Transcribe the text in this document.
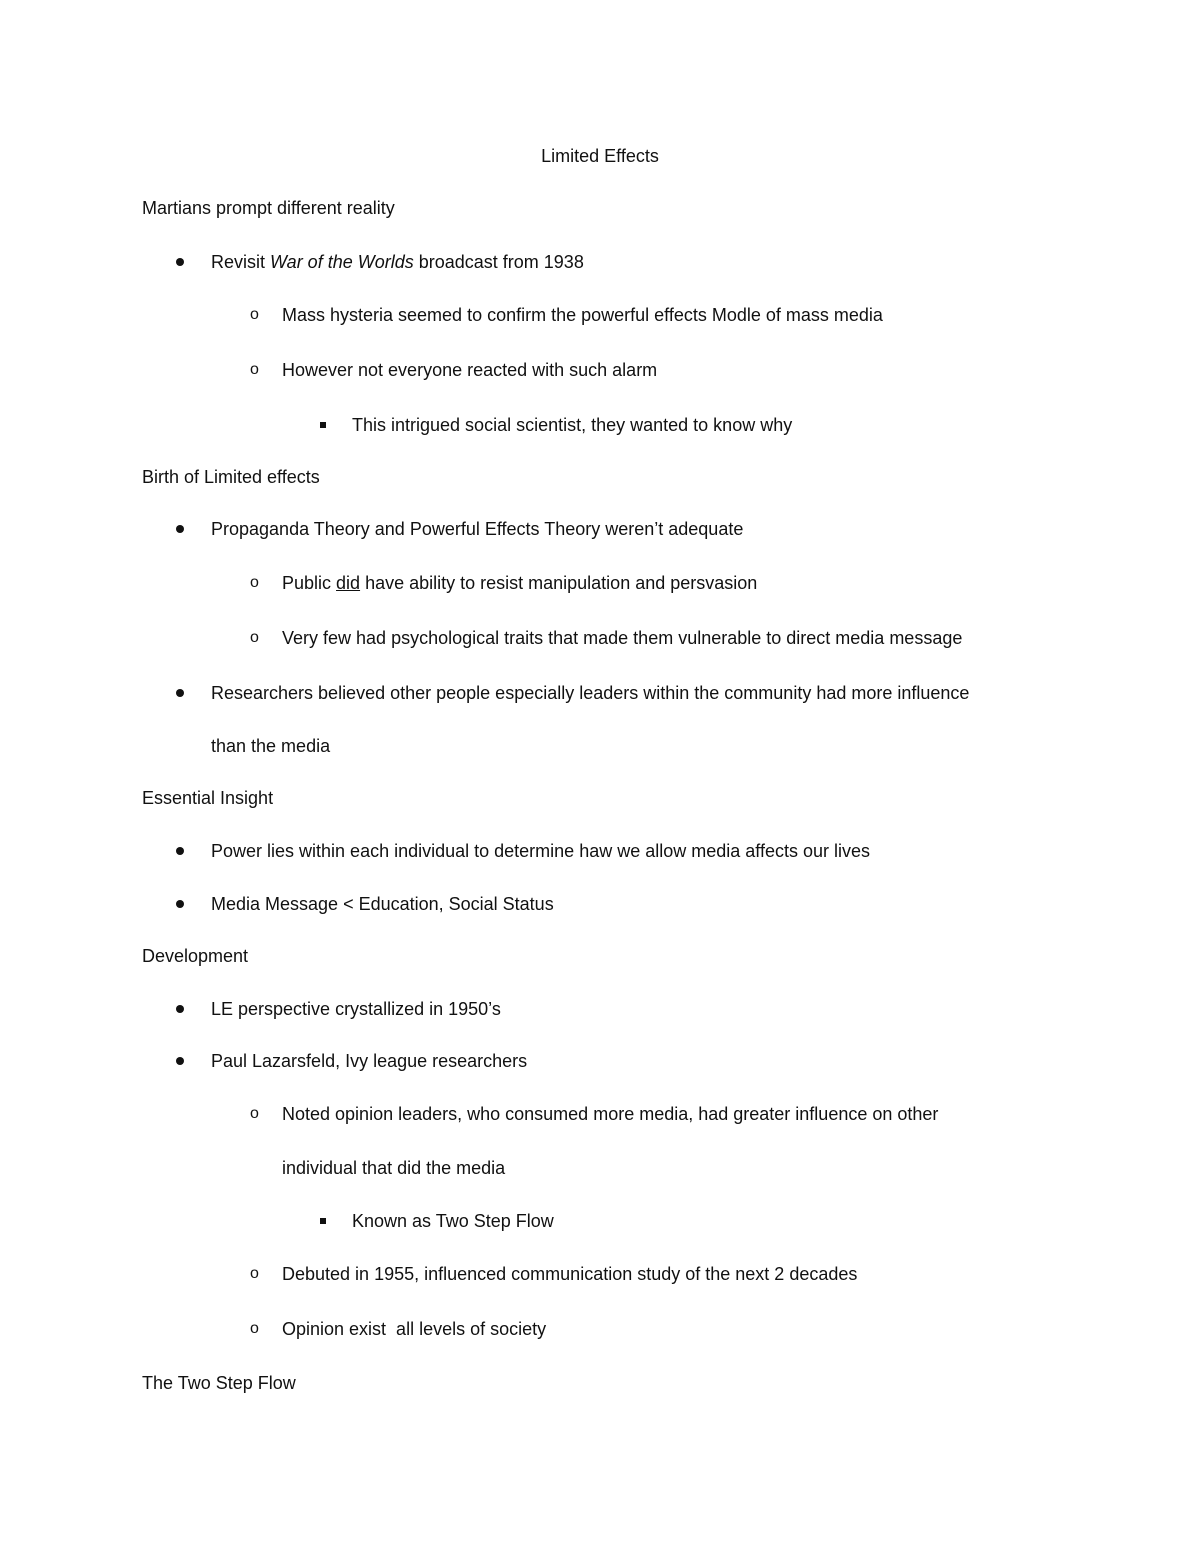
Limited Effects
Martians prompt different reality
Revisit War of the Worlds broadcast from 1938
o Mass hysteria seemed to confirm the powerful effects Modle of mass media
o However not everyone reacted with such alarm
This intrigued social scientist, they wanted to know why
Birth of Limited effects
Propaganda Theory and Powerful Effects Theory weren’t adequate
o Public did have ability to resist manipulation and persvasion
o Very few had psychological traits that made them vulnerable to direct media message
Researchers believed other people especially leaders within the community had more influence
than the media
Essential Insight
Power lies within each individual to determine haw we allow media affects our lives
Media Message < Education, Social Status
Development
LE perspective crystallized in 1950’s
Paul Lazarsfeld, Ivy league researchers
o Noted opinion leaders, who consumed more media, had greater influence on other
individual that did the media
Known as Two Step Flow
o Debuted in 1955, influenced communication study of the next 2 decades
o Opinion exist  all levels of society
The Two Step Flow
